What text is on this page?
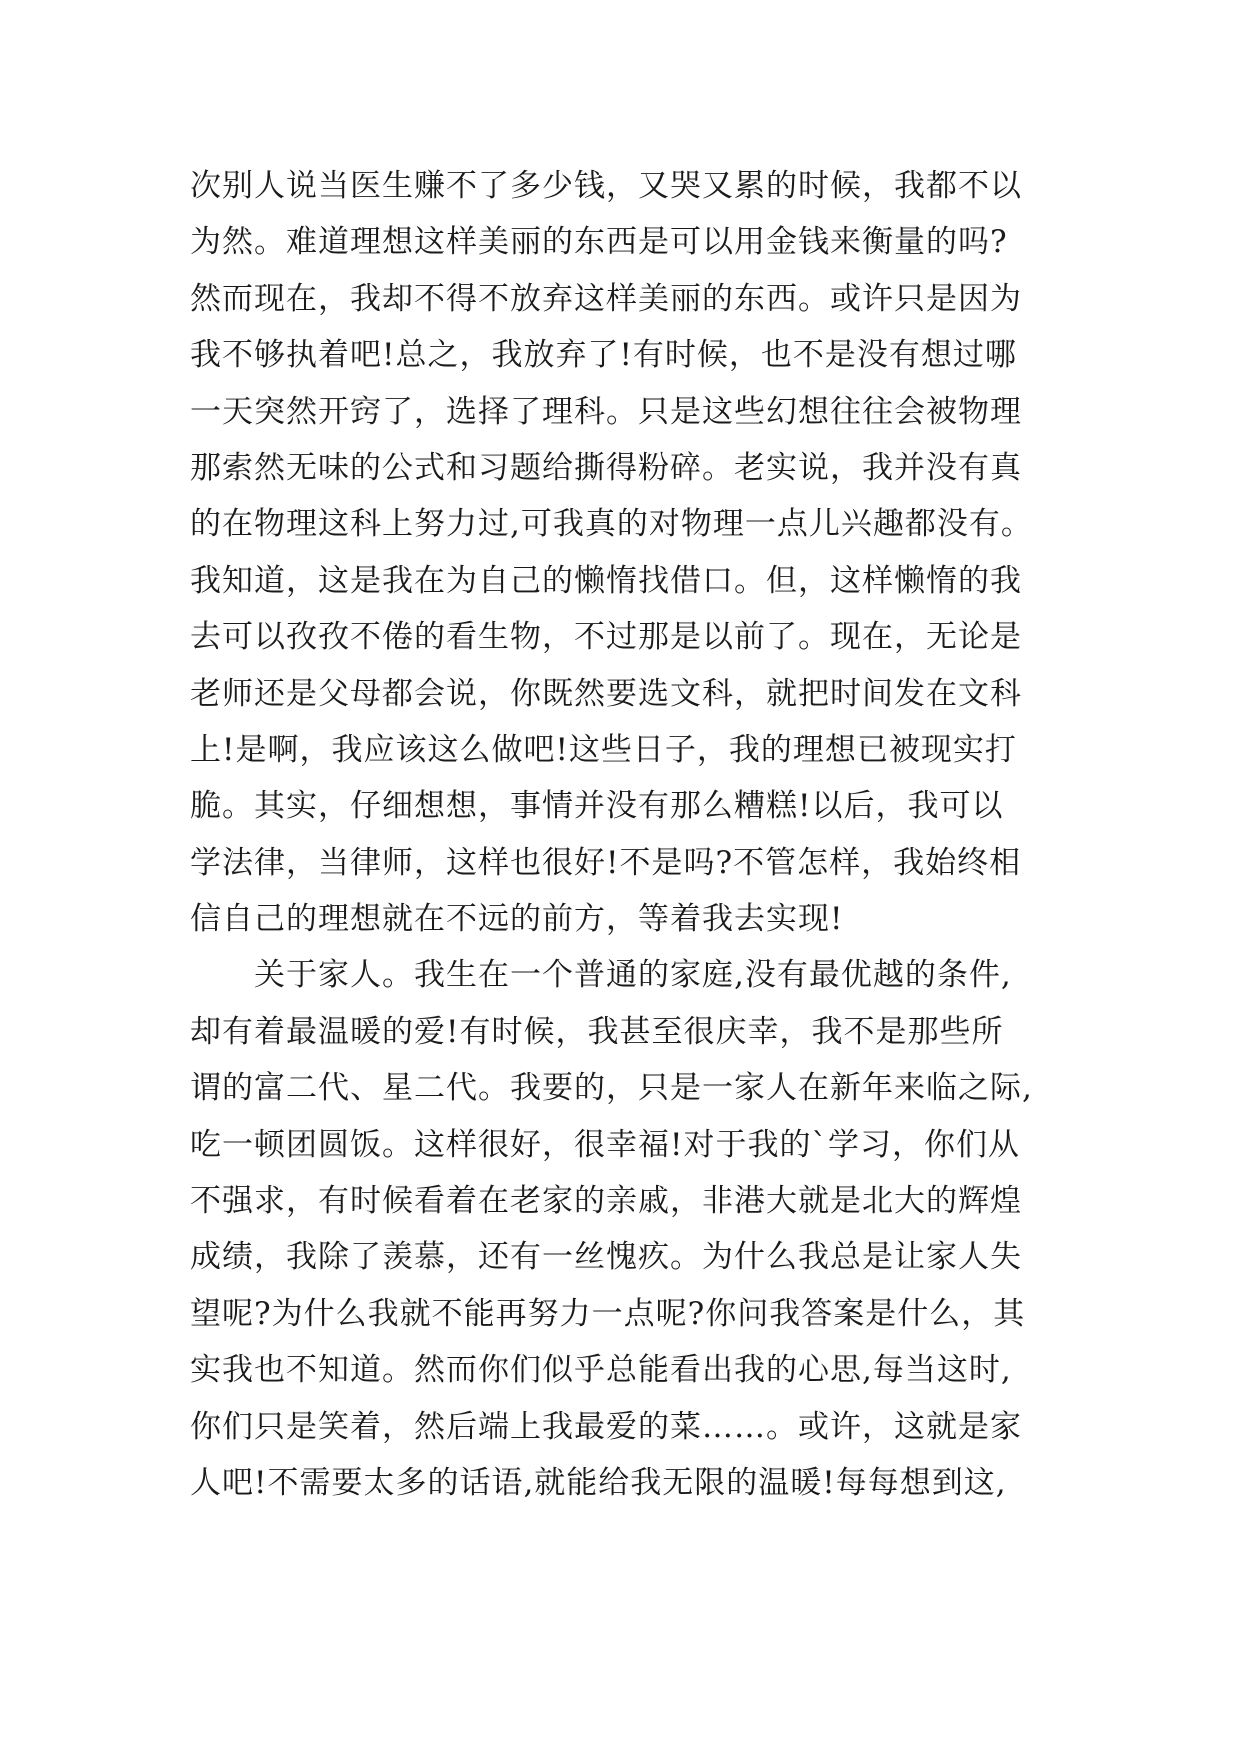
次别人说当医生赚不了多少钱，又哭又累的时候，我都不以
为然。难道理想这样美丽的东西是可以用金钱来衡量的吗?
然而现在，我却不得不放弃这样美丽的东西。或许只是因为
我不够执着吧!总之，我放弃了!有时候，也不是没有想过哪
一天突然开窍了，选择了理科。只是这些幻想往往会被物理
那索然无味的公式和习题给撕得粉碎。老实说，我并没有真
的在物理这科上努力过,可我真的对物理一点儿兴趣都没有。
我知道，这是我在为自己的懒惰找借口。但，这样懒惰的我
去可以孜孜不倦的看生物，不过那是以前了。现在，无论是
老师还是父母都会说，你既然要选文科，就把时间发在文科
上!是啊，我应该这么做吧!这些日子，我的理想已被现实打
脆。其实，仔细想想，事情并没有那么糟糕!以后，我可以
学法律，当律师，这样也很好!不是吗?不管怎样，我始终相
信自己的理想就在不远的前方，等着我去实现!
　　关于家人。我生在一个普通的家庭,没有最优越的条件,
却有着最温暖的爱!有时候，我甚至很庆幸，我不是那些所
谓的富二代、星二代。我要的，只是一家人在新年来临之际,
吃一顿团圆饭。这样很好，很幸福!对于我的`学习，你们从
不强求，有时候看着在老家的亲戚，非港大就是北大的辉煌
成绩，我除了羡慕，还有一丝愧疚。为什么我总是让家人失
望呢?为什么我就不能再努力一点呢?你问我答案是什么，其
实我也不知道。然而你们似乎总能看出我的心思,每当这时,
你们只是笑着，然后端上我最爱的菜……。或许，这就是家
人吧!不需要太多的话语,就能给我无限的温暖!每每想到这,
